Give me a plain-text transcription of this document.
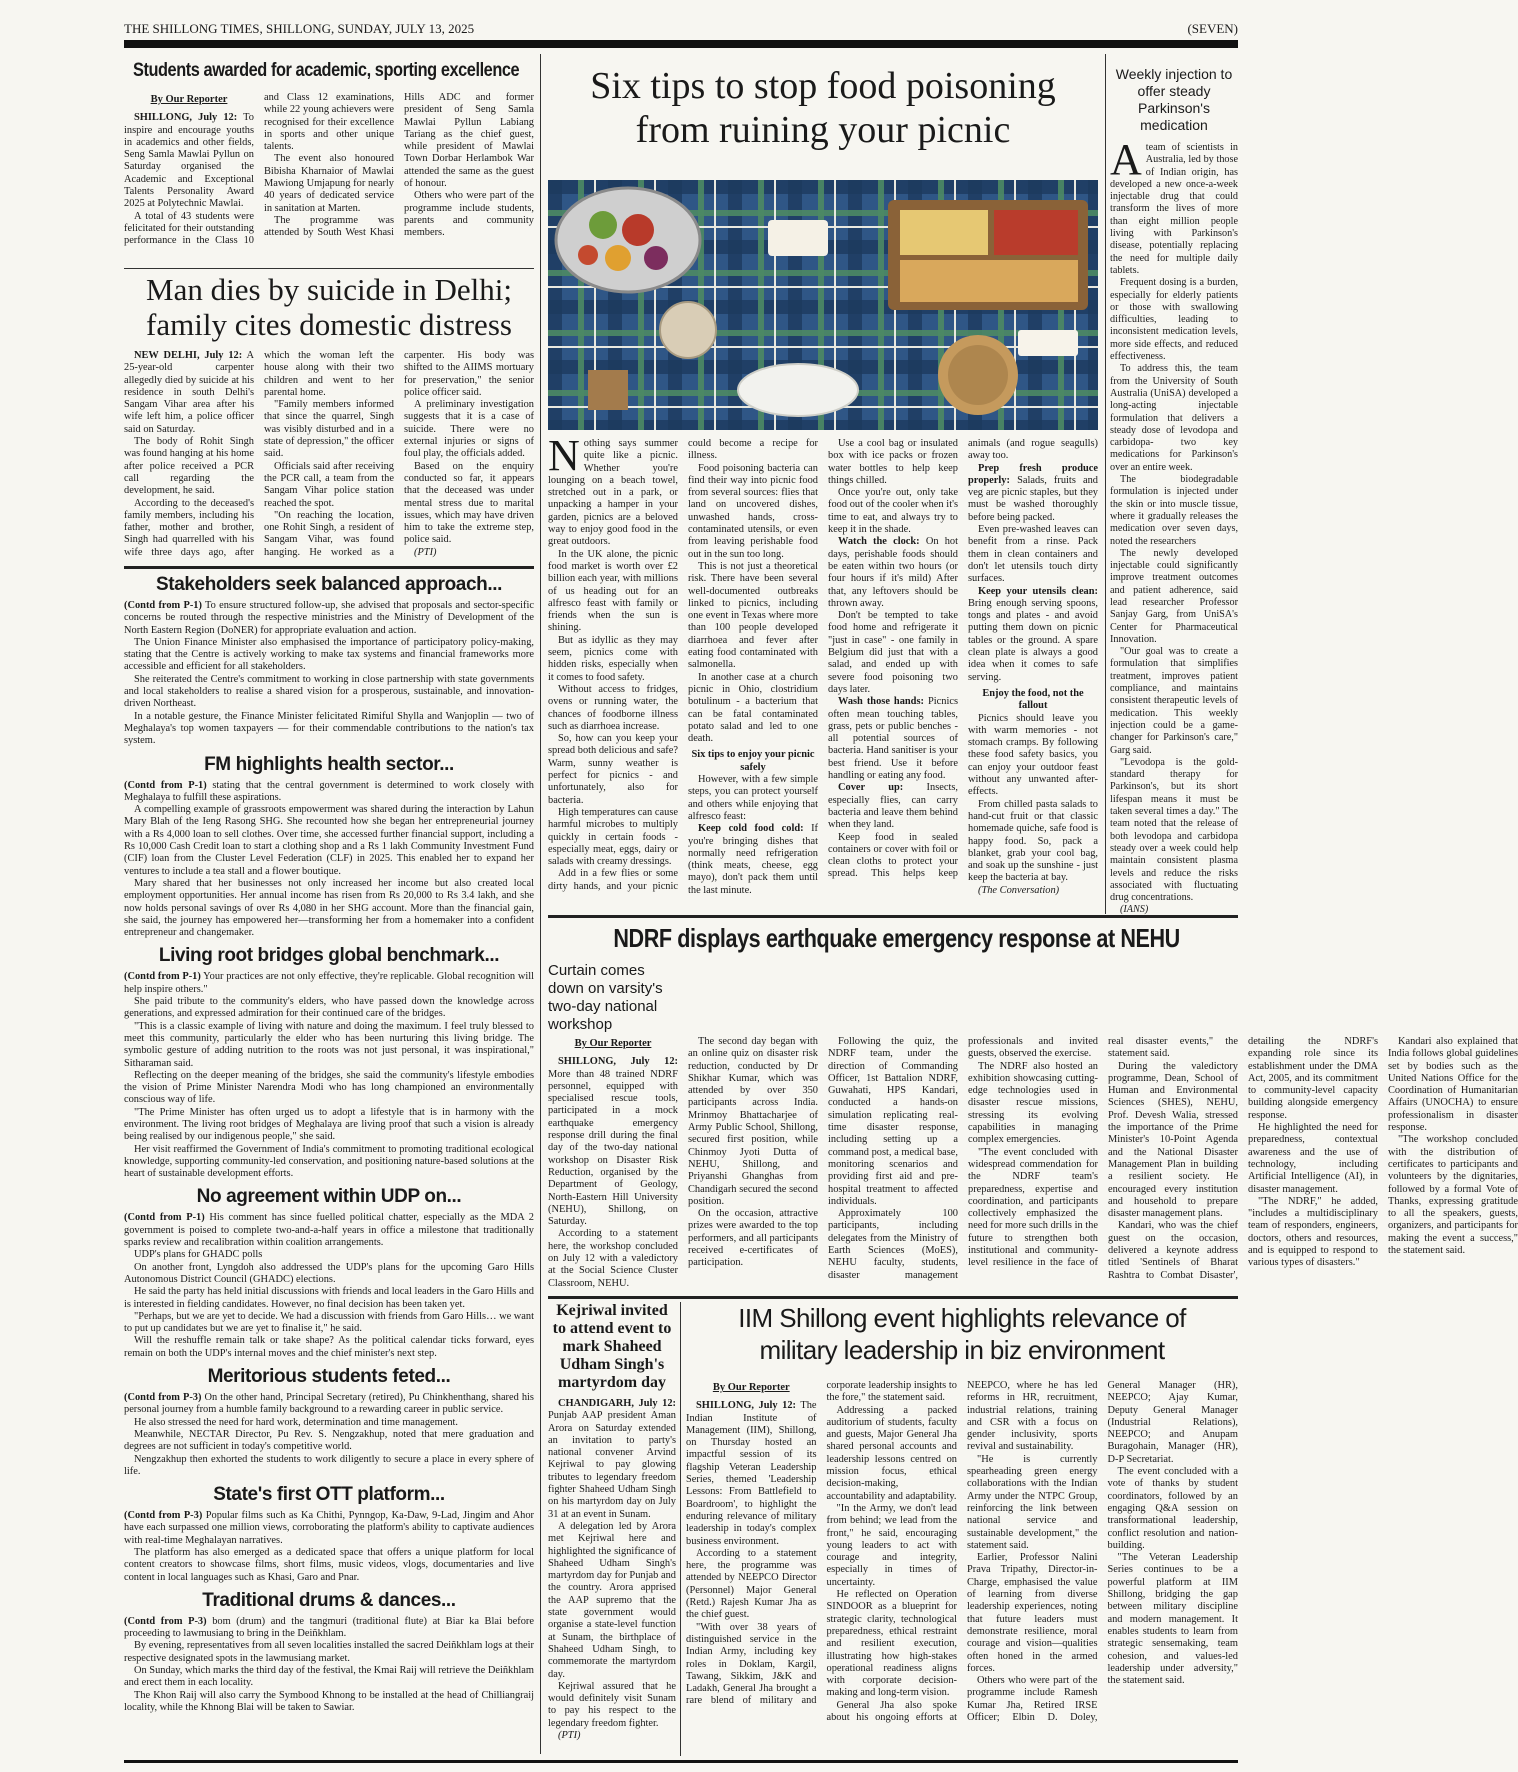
THE SHILLONG TIMES, SHILLONG, SUNDAY, JULY 13, 2025	(SEVEN)
Students awarded for academic, sporting excellence
By Our Reporter

SHILLONG, July 12: To inspire and encourage youths in academics and other fields, Seng Samla Mawlai Pyllun on Saturday organised the Academic and Exceptional Talents Personality Award 2025 at Polytechnic Mawlai.

A total of 43 students were felicitated for their outstanding performance in the Class 10 and Class 12 examinations, while 22 young achievers were recognised for their excellence in sports and other unique talents.

The event also honoured Bibisha Kharnaior of Mawlai Mawiong Umjapung for nearly 40 years of dedicated service in sanitation at Marten.

The programme was attended by South West Khasi Hills ADC and former president of Seng Samla Mawlai Pyllun Labiang Tariang as the chief guest, while president of Mawlai Town Dorbar Herlambok War attended the same as the guest of honour.

Others who were part of the programme include students, parents and community members.

Man dies by suicide in Delhi; family cites domestic distress

NEW DELHI, July 12: A 25-year-old carpenter allegedly died by suicide at his residence in south Delhi's Sangam Vihar area after his wife left him, a police officer said on Saturday.

The body of Rohit Singh was found hanging at his home after police received a PCR call regarding the development, he said.

According to the deceased's family members, including his father, mother and brother, Singh had quarrelled with his wife three days ago, after which the woman left the house along with their two children and went to her parental home.

"Family members informed that since the quarrel, Singh was visibly disturbed and in a state of depression," the officer said.

Officials said after receiving the PCR call, a team from the Sangam Vihar police station reached the spot.

"On reaching the location, one Rohit Singh, a resident of Sangam Vihar, was found hanging. He worked as a carpenter. His body was shifted to the AIIMS mortuary for preservation," the senior police officer said.

A preliminary investigation suggests that it is a case of suicide. There were no external injuries or signs of foul play, the officials added.

Based on the enquiry conducted so far, it appears that the deceased was under mental stress due to marital issues, which may have driven him to take the extreme step, police said.

(PTI)

Stakeholders seek balanced approach...

(Contd from P-1) To ensure structured follow-up, she advised that proposals and sector-specific concerns be routed through the respective ministries and the Ministry of Development of the North Eastern Region (DoNER) for appropriate evaluation and action.

The Union Finance Minister also emphasised the importance of participatory policy-making, stating that the Centre is actively working to make tax systems and financial frameworks more accessible and efficient for all stakeholders.

She reiterated the Centre's commitment to working in close partnership with state governments and local stakeholders to realise a shared vision for a prosperous, sustainable, and innovation-driven Northeast.

In a notable gesture, the Finance Minister felicitated Rimiful Shylla and Wanjoplin — two of Meghalaya's top women taxpayers — for their commendable contributions to the nation's tax system.

FM highlights health sector...

(Contd from P-1) stating that the central government is determined to work closely with Meghalaya to fulfill these aspirations.

A compelling example of grassroots empowerment was shared during the interaction by Lahun Mary Blah of the Ieng Rasong SHG. She recounted how she began her entrepreneurial journey with a Rs 4,000 loan to sell clothes. Over time, she accessed further financial support, including a Rs 10,000 Cash Credit loan to start a clothing shop and a Rs 1 lakh Community Investment Fund (CIF) loan from the Cluster Level Federation (CLF) in 2025. This enabled her to expand her ventures to include a tea stall and a flower boutique.

Mary shared that her businesses not only increased her income but also created local employment opportunities. Her annual income has risen from Rs 20,000 to Rs 3.4 lakh, and she now holds personal savings of over Rs 4,080 in her SHG account. More than the financial gain, she said, the journey has empowered her—transforming her from a homemaker into a confident entrepreneur and changemaker.

Living root bridges global benchmark...

(Contd from P-1) Your practices are not only effective, they're replicable. Global recognition will help inspire others."

She paid tribute to the community's elders, who have passed down the knowledge across generations, and expressed admiration for their continued care of the bridges.

"This is a classic example of living with nature and doing the maximum. I feel truly blessed to meet this community, particularly the elder who has been nurturing this living bridge. The symbolic gesture of adding nutrition to the roots was not just personal, it was inspirational," Sitharaman said.

Reflecting on the deeper meaning of the bridges, she said the community's lifestyle embodies the vision of Prime Minister Narendra Modi who has long championed an environmentally conscious way of life.

"The Prime Minister has often urged us to adopt a lifestyle that is in harmony with the environment. The living root bridges of Meghalaya are living proof that such a vision is already being realised by our indigenous people," she said.

Her visit reaffirmed the Government of India's commitment to promoting traditional ecological knowledge, supporting community-led conservation, and positioning nature-based solutions at the heart of sustainable development efforts.

No agreement within UDP on...

(Contd from P-1) His comment has since fuelled political chatter, especially as the MDA 2 government is poised to complete two-and-a-half years in office a milestone that traditionally sparks review and recalibration within coalition arrangements.

UDP's plans for GHADC polls

On another front, Lyngdoh also addressed the UDP's plans for the upcoming Garo Hills Autonomous District Council (GHADC) elections.

He said the party has held initial discussions with friends and local leaders in the Garo Hills and is interested in fielding candidates. However, no final decision has been taken yet.

"Perhaps, but we are yet to decide. We had a discussion with friends from Garo Hills… we want to put up candidates but we are yet to finalise it," he said.

Will the reshuffle remain talk or take shape? As the political calendar ticks forward, eyes remain on both the UDP's internal moves and the chief minister's next step.

Meritorious students feted...

(Contd from P-3) On the other hand, Principal Secretary (retired), Pu Chinkhenthang, shared his personal journey from a humble family background to a rewarding career in public service.

He also stressed the need for hard work, determination and time management.

Meanwhile, NECTAR Director, Pu Rev. S. Nengzakhup, noted that mere graduation and degrees are not sufficient in today's competitive world.

Nengzakhup then exhorted the students to work diligently to secure a place in every sphere of life.

State's first OTT platform...

(Contd from P-3) Popular films such as Ka Chithi, Pynngop, Ka-Daw, 9-Lad, Jingim and Ahor have each surpassed one million views, corroborating the platform's ability to captivate audiences with real-time Meghalayan narratives.

The platform has also emerged as a dedicated space that offers a unique platform for local content creators to showcase films, short films, music videos, vlogs, documentaries and live content in local languages such as Khasi, Garo and Pnar.

Traditional drums & dances...

(Contd from P-3) bom (drum) and the tangmuri (traditional flute) at Biar ka Blai before proceeding to lawmusiang to bring in the Deiñkhlam.

By evening, representatives from all seven localities installed the sacred Deiñkhlam logs at their respective designated spots in the lawmusiang market.

On Sunday, which marks the third day of the festival, the Kmai Raij will retrieve the Deiñkhlam and erect them in each locality.

The Khon Raij will also carry the Symbood Khnong to be installed at the head of Chilliangraij locality, while the Khnong Blai will be taken to Sawiar.

Six tips to stop food poisoning
from ruining your picnic

Nothing says summer quite like a picnic. Whether you're lounging on a beach towel, stretched out in a park, or unpacking a hamper in your garden, picnics are a beloved way to enjoy good food in the great outdoors.

In the UK alone, the picnic food market is worth over £2 billion each year, with millions of us heading out for an alfresco feast with family or friends when the sun is shining.

But as idyllic as they may seem, picnics come with hidden risks, especially when it comes to food safety.

Without access to fridges, ovens or running water, the chances of foodborne illness such as diarrhoea increase.

So, how can you keep your spread both delicious and safe? Warm, sunny weather is perfect for picnics - and unfortunately, also for bacteria.

High temperatures can cause harmful microbes to multiply quickly in certain foods - especially meat, eggs, dairy or salads with creamy dressings.

Add in a few flies or some dirty hands, and your picnic could become a recipe for illness.

Food poisoning bacteria can find their way into picnic food from several sources: flies that land on uncovered dishes, unwashed hands, cross-contaminated utensils, or even from leaving perishable food out in the sun too long.

This is not just a theoretical risk. There have been several well-documented outbreaks linked to picnics, including one event in Texas where more than 100 people developed diarrhoea and fever after eating food contaminated with salmonella.

In another case at a church picnic in Ohio, clostridium botulinum - a bacterium that can be fatal contaminated potato salad and led to one death.

Six tips to enjoy your picnic safely

However, with a few simple steps, you can protect yourself and others while enjoying that alfresco feast:

Keep cold food cold: If you're bringing dishes that normally need refrigeration (think meats, cheese, egg mayo), don't pack them until the last minute.

Use a cool bag or insulated box with ice packs or frozen water bottles to help keep things chilled.

Once you're out, only take food out of the cooler when it's time to eat, and always try to keep it in the shade.

Watch the clock: On hot days, perishable foods should be eaten within two hours (or four hours if it's mild) After that, any leftovers should be thrown away.

Don't be tempted to take food home and refrigerate it "just in case" - one family in Belgium did just that with a salad, and ended up with severe food poisoning two days later.

Wash those hands: Picnics often mean touching tables, grass, pets or public benches - all potential sources of bacteria. Hand sanitiser is your best friend. Use it before handling or eating any food.

Cover up: Insects, especially flies, can carry bacteria and leave them behind when they land.

Keep food in sealed containers or cover with foil or clean cloths to protect your spread. This helps keep animals (and rogue seagulls) away too.

Prep fresh produce properly: Salads, fruits and veg are picnic staples, but they must be washed thoroughly before being packed.

Even pre-washed leaves can benefit from a rinse. Pack them in clean containers and don't let utensils touch dirty surfaces.

Keep your utensils clean: Bring enough serving spoons, tongs and plates - and avoid putting them down on picnic tables or the ground. A spare clean plate is always a good idea when it comes to safe serving.

Enjoy the food, not the fallout

Picnics should leave you with warm memories - not stomach cramps. By following these food safety basics, you can enjoy your outdoor feast without any unwanted after-effects.

From chilled pasta salads to hand-cut fruit or that classic homemade quiche, safe food is happy food. So, pack a blanket, grab your cool bag, and soak up the sunshine - just keep the bacteria at bay.

(The Conversation)

Weekly injection to offer steady Parkinson's medication

Ateam of scientists in Australia, led by those of Indian origin, has developed a new once-a-week injectable drug that could transform the lives of more than eight million people living with Parkinson's disease, potentially replacing the need for multiple daily tablets.

Frequent dosing is a burden, especially for elderly patients or those with swallowing difficulties, leading to inconsistent medication levels, more side effects, and reduced effectiveness.

To address this, the team from the University of South Australia (UniSA) developed a long-acting injectable formulation that delivers a steady dose of levodopa and carbidopa- two key medications for Parkinson's over an entire week.

The biodegradable formulation is injected under the skin or into muscle tissue, where it gradually releases the medication over seven days, noted the researchers

The newly developed injectable could significantly improve treatment outcomes and patient adherence, said lead researcher Professor Sanjay Garg, from UniSA's Center for Pharmaceutical Innovation.

"Our goal was to create a formulation that simplifies treatment, improves patient compliance, and maintains consistent therapeutic levels of medication. This weekly injection could be a game-changer for Parkinson's care," Garg said.

"Levodopa is the gold-standard therapy for Parkinson's, but its short lifespan means it must be taken several times a day." The team noted that the release of both levodopa and carbidopa steady over a week could help maintain consistent plasma levels and reduce the risks associated with fluctuating drug concentrations.

(IANS)

NDRF displays earthquake emergency response at NEHU
Curtain comes down on varsity's two-day national workshop
By Our Reporter

SHILLONG, July 12: More than 48 trained NDRF personnel, equipped with specialised rescue tools, participated in a mock earthquake emergency response drill during the final day of the two-day national workshop on Disaster Risk Reduction, organised by the Department of Geology, North-Eastern Hill University (NEHU), Shillong, on Saturday.

According to a statement here, the workshop concluded on July 12 with a valedictory at the Social Science Cluster Classroom, NEHU.

The second day began with an online quiz on disaster risk reduction, conducted by Dr Shikhar Kumar, which was attended by over 350 participants across India. Mrinmoy Bhattacharjee of Army Public School, Shillong, secured first position, while Chinmoy Jyoti Dutta of NEHU, Shillong, and Priyanshi Ghanghas from Chandigarh secured the second position.

On the occasion, attractive prizes were awarded to the top performers, and all participants received e-certificates of participation.

Following the quiz, the NDRF team, under the direction of Commanding Officer, 1st Battalion NDRF, Guwahati, HPS Kandari, conducted a hands-on simulation replicating real-time disaster response, including setting up a command post, a medical base, monitoring scenarios and providing first aid and pre-hospital treatment to affected individuals.

Approximately 100 participants, including delegates from the Ministry of Earth Sciences (MoES), NEHU faculty, students, disaster management professionals and invited guests, observed the exercise.

The NDRF also hosted an exhibition showcasing cutting-edge technologies used in disaster rescue missions, stressing its evolving capabilities in managing complex emergencies.

"The event concluded with widespread commendation for the NDRF team's preparedness, expertise and coordination, and participants collectively emphasized the need for more such drills in the future to strengthen both institutional and community-level resilience in the face of real disaster events," the statement said.

During the valedictory programme, Dean, School of Human and Environmental Sciences (SHES), NEHU, Prof. Devesh Walia, stressed the importance of the Prime Minister's 10-Point Agenda and the National Disaster Management Plan in building a resilient society. He encouraged every institution and household to prepare disaster management plans.

Kandari, who was the chief guest on the occasion, delivered a keynote address titled 'Sentinels of Bharat Rashtra to Combat Disaster', detailing the NDRF's expanding role since its establishment under the DMA Act, 2005, and its commitment to community-level capacity building alongside emergency response.

He highlighted the need for preparedness, contextual awareness and the use of technology, including Artificial Intelligence (AI), in disaster management.

"The NDRF," he added, "includes a multidisciplinary team of responders, engineers, doctors, others and resources, and is equipped to respond to various types of disasters."

Kandari also explained that India follows global guidelines set by bodies such as the United Nations Office for the Coordination of Humanitarian Affairs (UNOCHA) to ensure professionalism in disaster response.

"The workshop concluded with the distribution of certificates to participants and volunteers by the dignitaries, followed by a formal Vote of Thanks, expressing gratitude to all the speakers, guests, organizers, and participants for making the event a success," the statement said.

Kejriwal invited to attend event to mark Shaheed Udham Singh's martyrdom day

CHANDIGARH, July 12: Punjab AAP president Aman Arora on Saturday extended an invitation to party's national convener Arvind Kejriwal to pay glowing tributes to legendary freedom fighter Shaheed Udham Singh on his martyrdom day on July 31 at an event in Sunam.

A delegation led by Arora met Kejriwal here and highlighted the significance of Shaheed Udham Singh's martyrdom day for Punjab and the country. Arora apprised the AAP supremo that the state government would organise a state-level function at Sunam, the birthplace of Shaheed Udham Singh, to commemorate the martyrdom day.

Kejriwal assured that he would definitely visit Sunam to pay his respect to the legendary freedom fighter.

(PTI)

IIM Shillong event highlights relevance of
military leadership in biz environment
By Our Reporter

SHILLONG, July 12: The Indian Institute of Management (IIM), Shillong, on Thursday hosted an impactful session of its flagship Veteran Leadership Series, themed 'Leadership Lessons: From Battlefield to Boardroom', to highlight the enduring relevance of military leadership in today's complex business environment.

According to a statement here, the programme was attended by NEEPCO Director (Personnel) Major General (Retd.) Rajesh Kumar Jha as the chief guest.

"With over 38 years of distinguished service in the Indian Army, including key roles in Doklam, Kargil, Tawang, Sikkim, J&K and Ladakh, General Jha brought a rare blend of military and corporate leadership insights to the fore," the statement said.

Addressing a packed auditorium of students, faculty and guests, Major General Jha shared personal accounts and leadership lessons centred on mission focus, ethical decision-making, accountability and adaptability.

"In the Army, we don't lead from behind; we lead from the front," he said, encouraging young leaders to act with courage and integrity, especially in times of uncertainty.

He reflected on Operation SINDOOR as a blueprint for strategic clarity, technological preparedness, ethical restraint and resilient execution, illustrating how high-stakes operational readiness aligns with corporate decision-making and long-term vision.

General Jha also spoke about his ongoing efforts at NEEPCO, where he has led reforms in HR, recruitment, industrial relations, training and CSR with a focus on gender inclusivity, sports revival and sustainability.

"He is currently spearheading green energy collaborations with the Indian Army under the NTPC Group, reinforcing the link between national service and sustainable development," the statement said.

Earlier, Professor Nalini Prava Tripathy, Director-in-Charge, emphasised the value of learning from diverse leadership experiences, noting that future leaders must demonstrate resilience, moral courage and vision—qualities often honed in the armed forces.

Others who were part of the programme include Ramesh Kumar Jha, Retired IRSE Officer; Elbin D. Doley, General Manager (HR), NEEPCO; Ajay Kumar, Deputy General Manager (Industrial Relations), NEEPCO; and Anupam Buragohain, Manager (HR), D-P Secretariat.

The event concluded with a vote of thanks by student coordinators, followed by an engaging Q&A session on transformational leadership, conflict resolution and nation-building.

"The Veteran Leadership Series continues to be a powerful platform at IIM Shillong, bridging the gap between military discipline and modern management. It enables students to learn from strategic sensemaking, team cohesion, and values-led leadership under adversity," the statement said.
